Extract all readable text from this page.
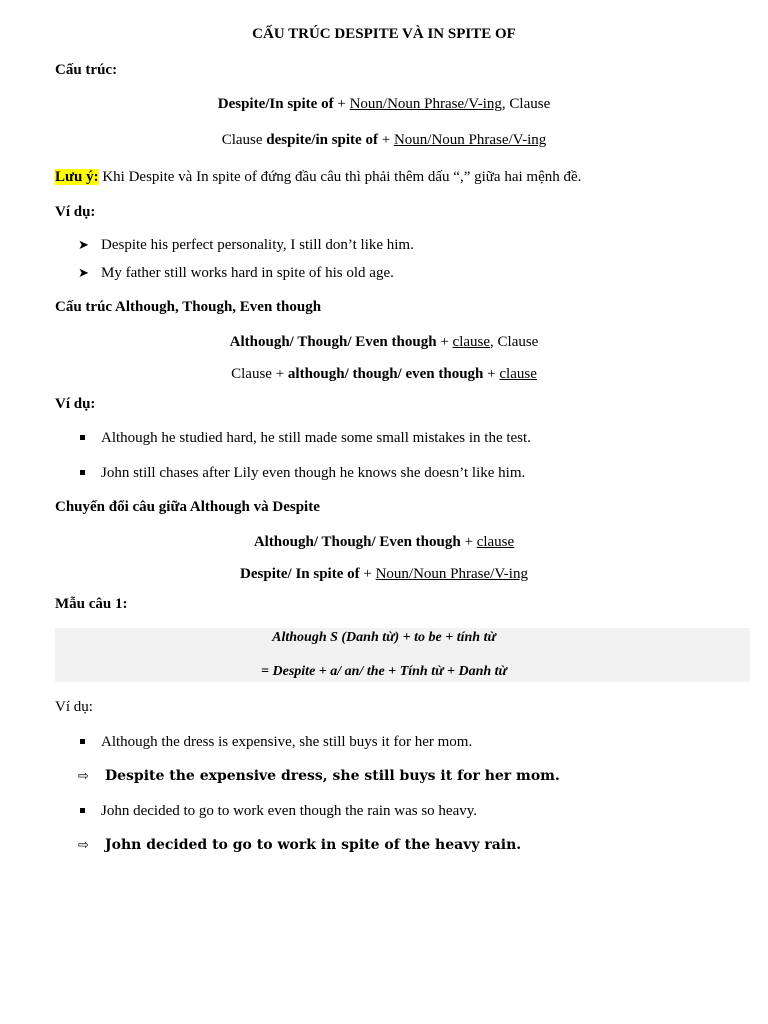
CẤU TRÚC DESPITE VÀ IN SPITE OF
Cấu trúc:
Despite/In spite of + Noun/Noun Phrase/V-ing, Clause
Clause despite/in spite of + Noun/Noun Phrase/V-ing
Lưu ý: Khi Despite và In spite of đứng đầu câu thì phải thêm dấu “,” giữa hai mệnh đề.
Ví dụ:
➤ Despite his perfect personality, I still don’t like him.
➤ My father still works hard in spite of his old age.
Cấu trúc Although, Though, Even though
Although/ Though/ Even though + clause, Clause
Clause + although/ though/ even though + clause
Ví dụ:
Although he studied hard, he still made some small mistakes in the test.
John still chases after Lily even though he knows she doesn’t like him.
Chuyển đổi câu giữa Although và Despite
Although/ Though/ Even though + clause
Despite/ In spite of + Noun/Noun Phrase/V-ing
Mẫu câu 1:
Although S (Danh từ) + to be + tính từ
= Despite + a/ an/ the + Tính từ + Danh từ
Ví dụ:
Although the dress is expensive, she still buys it for her mom.
⇨ Despite the expensive dress, she still buys it for her mom.
John decided to go to work even though the rain was so heavy.
⇨ John decided to go to work in spite of the heavy rain.
